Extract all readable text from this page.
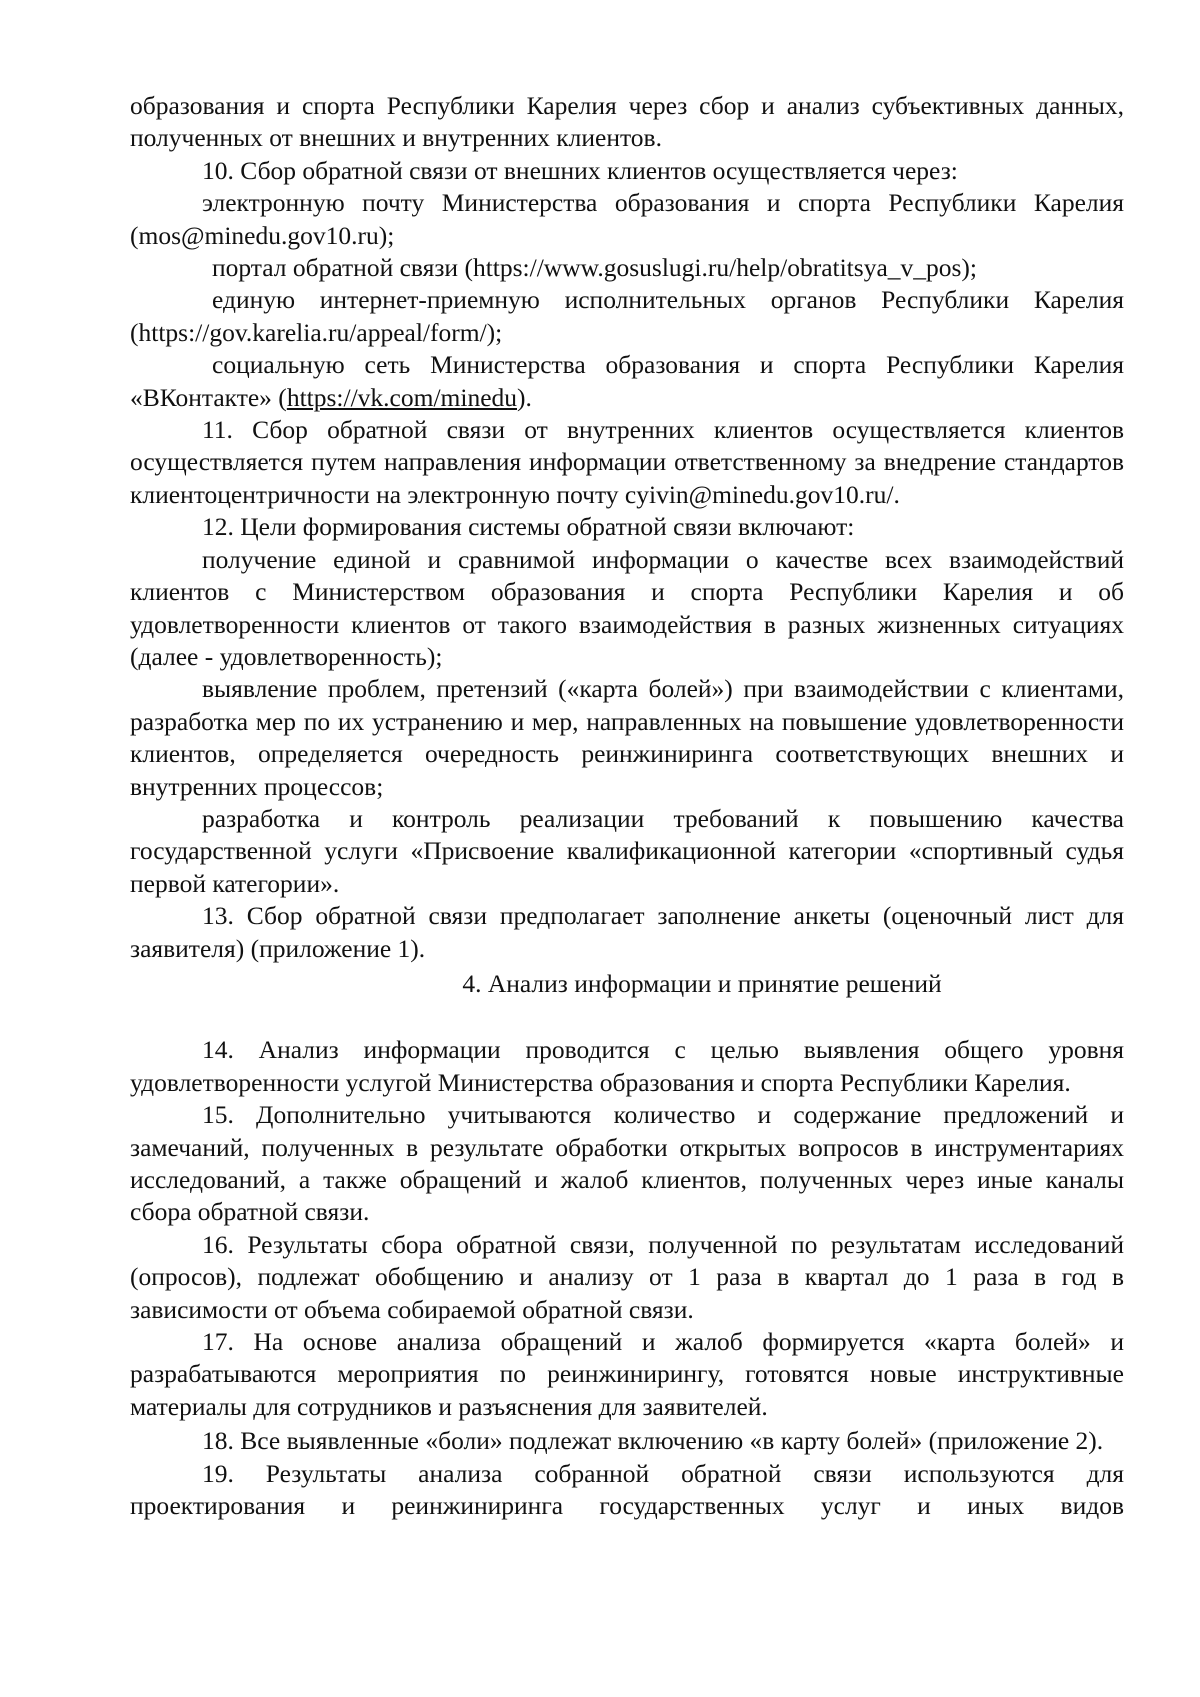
образования и спорта Республики Карелия через сбор и анализ субъективных данных, полученных от внешних и внутренних клиентов.

10. Сбор обратной связи от внешних клиентов осуществляется через:

электронную почту Министерства образования и спорта Республики Карелия (mos@minedu.gov10.ru);

портал обратной связи (https://www.gosuslugi.ru/help/obratitsya_v_pos);

единую интернет-приемную исполнительных органов Республики Карелия (https://gov.karelia.ru/appeal/form/);

социальную сеть Министерства образования и спорта Республики Карелия «ВКонтакте» (https://vk.com/minedu).

11. Сбор обратной связи от внутренних клиентов осуществляется клиентов осуществляется путем направления информации ответственному за внедрение стандартов клиентоцентричности на электронную почту cyivin@minedu.gov10.ru/.

12. Цели формирования системы обратной связи включают:

получение единой и сравнимой информации о качестве всех взаимодействий клиентов с Министерством образования и спорта Республики Карелия и об удовлетворенности клиентов от такого взаимодействия в разных жизненных ситуациях (далее - удовлетворенность);

выявление проблем, претензий («карта болей») при взаимодействии с клиентами, разработка мер по их устранению и мер, направленных на повышение удовлетворенности клиентов, определяется очередность реинжиниринга соответствующих внешних и внутренних процессов;

разработка и контроль реализации требований к повышению качества государственной услуги «Присвоение квалификационной категории «спортивный судья первой категории».

13. Сбор обратной связи предполагает заполнение анкеты (оценочный лист для заявителя) (приложение 1).

4. Анализ информации и принятие решений

14. Анализ информации проводится с целью выявления общего уровня удовлетворенности услугой Министерства образования и спорта Республики Карелия.

15. Дополнительно учитываются количество и содержание предложений и замечаний, полученных в результате обработки открытых вопросов в инструментариях исследований, а также обращений и жалоб клиентов, полученных через иные каналы сбора обратной связи.

16. Результаты сбора обратной связи, полученной по результатам исследований (опросов), подлежат обобщению и анализу от 1 раза в квартал до 1 раза в год в зависимости от объема собираемой обратной связи.

17. На основе анализа обращений и жалоб формируется «карта болей» и разрабатываются мероприятия по реинжинирингу, готовятся новые инструктивные материалы для сотрудников и разъяснения для заявителей.

18. Все выявленные «боли» подлежат включению «в карту болей» (приложение 2).

19. Результаты анализа собранной обратной связи используются для проектирования и реинжиниринга государственных услуг и иных видов
